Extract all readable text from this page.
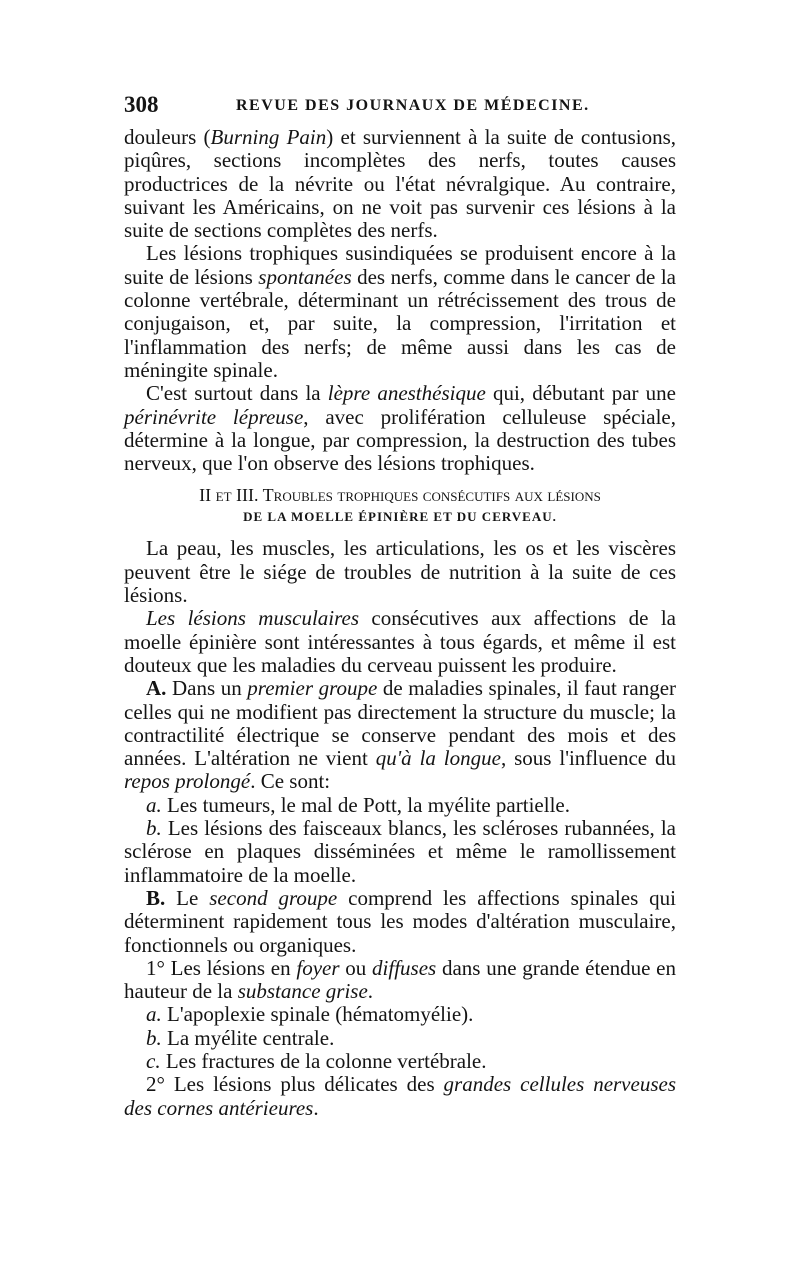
308	REVUE DES JOURNAUX DE MÉDECINE.

douleurs (Burning Pain) et surviennent à la suite de contusions, piqûres, sections incomplètes des nerfs, toutes causes productrices de la névrite ou l'état névralgique. Au contraire, suivant les Américains, on ne voit pas survenir ces lésions à la suite de sections complètes des nerfs.

Les lésions trophiques susindiquées se produisent encore à la suite de lésions spontanées des nerfs, comme dans le cancer de la colonne vertébrale, déterminant un rétrécissement des trous de conjugaison, et, par suite, la compression, l'irritation et l'inflammation des nerfs; de même aussi dans les cas de méningite spinale.

C'est surtout dans la lèpre anesthésique qui, débutant par une périnévrite lépreuse, avec prolifération celluleuse spéciale, détermine à la longue, par compression, la destruction des tubes nerveux, que l'on observe des lésions trophiques.

II et III. Troubles trophiques consécutifs aux lésions
DE LA MOELLE ÉPINIÈRE ET DU CERVEAU.

La peau, les muscles, les articulations, les os et les viscères peuvent être le siége de troubles de nutrition à la suite de ces lésions.

Les lésions musculaires consécutives aux affections de la moelle épinière sont intéressantes à tous égards, et même il est douteux que les maladies du cerveau puissent les produire.

A. Dans un premier groupe de maladies spinales, il faut ranger celles qui ne modifient pas directement la structure du muscle; la contractilité électrique se conserve pendant des mois et des années. L'altération ne vient qu'à la longue, sous l'influence du repos prolongé. Ce sont:

a. Les tumeurs, le mal de Pott, la myélite partielle.

b. Les lésions des faisceaux blancs, les scléroses rubannées, la sclérose en plaques disséminées et même le ramollissement inflammatoire de la moelle.

B. Le second groupe comprend les affections spinales qui déterminent rapidement tous les modes d'altération musculaire, fonctionnels ou organiques.

1° Les lésions en foyer ou diffuses dans une grande étendue en hauteur de la substance grise.

a. L'apoplexie spinale (hématomyélie).

b. La myélite centrale.

c. Les fractures de la colonne vertébrale.

2° Les lésions plus délicates des grandes cellules nerveuses des cornes antérieures.
